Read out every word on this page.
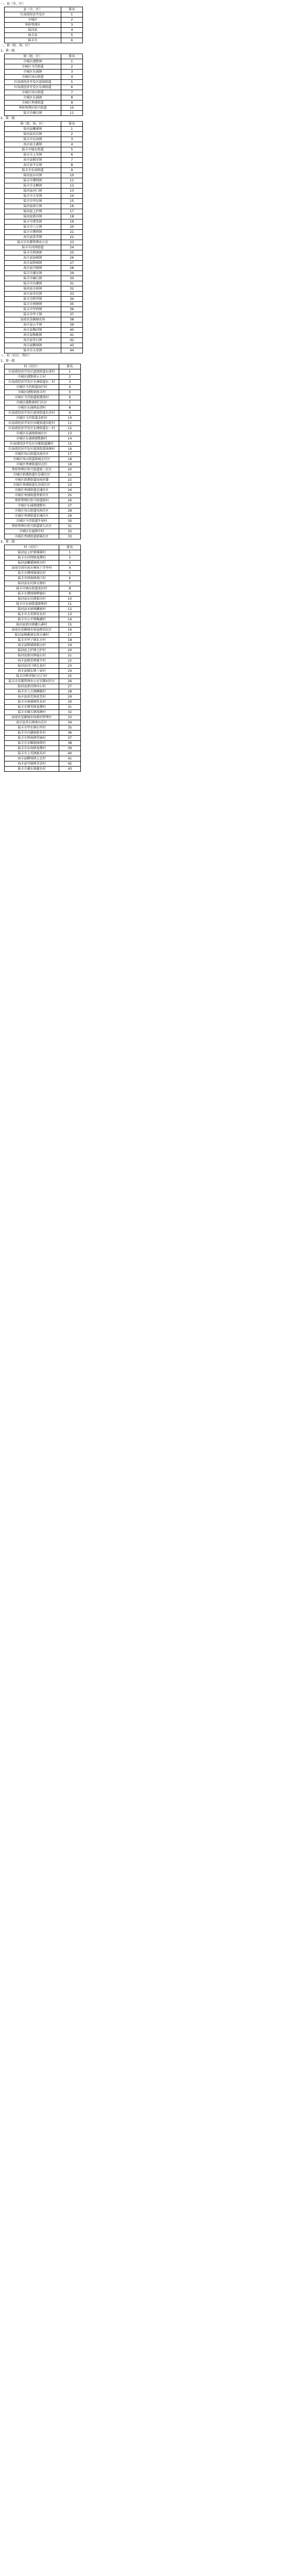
一、县（市、区）
县（市、区）	排名
红海湾经济开发区	1
市城区	2
华侨管理区	3
陆河县	4
海丰县	5
陆丰市	6
二、镇（街、场、区）
1、第一组
镇（街、区）	排名
市城区捷胜镇	1
市城区马宫街道	2
市城区东涌镇	3
市城区凤山街道	4
红海湾经济开发区遮浪街道	5
红海湾经济开发区东洲街道	6
市城区凤山街道	7
市城区东涌镇	8
市城区香洲街道	9
华侨管理区侨兴街道	10
陆丰市碣石镇	11
2、第二组
镇（街、场、区）	排名
陆河县螺溪镇	1
陆河县东坑镇	2
陆丰市东海镇	3
海丰县大湖镇	4
陆丰市城东街道	5
陆丰市上英镇	6
海丰县联安镇	7
海丰县平东镇	8
陆丰市东海街道	9
陆河县东坑镇	10
陆丰市潭西镇	11
陆丰市金厢镇	12
陆河县河口镇	13
陆丰市大安镇	14
陆丰市甲东镇	15
陆河县南万镇	16
陆河县上护镇	17
陆河县新田镇	18
陆丰市博美镇	19
陆丰市八万镇	20
陆丰市潭西镇	21
海丰县黄羌镇	22
陆丰市星都管理办公室	23
陆丰市河西街道	24
陆丰市西南镇	25
海丰县海城镇	26
海丰县附城镇	27
海丰县可塘镇	28
陆丰市湖东镇	29
陆丰市碣石镇	30
陆丰市内湖镇	31
陆河县水唇镇	32
海丰县赤坑镇	33
陆丰市桥冲镇	34
陆丰市南塘镇	35
陆丰市甲西镇	36
陆丰市甲子镇	37
汕尾农垦碳塘农场	38
海丰县公平镇	39
海丰县陶河镇	40
海丰县梅陇镇	41
海丰县赤石镇	42
海丰县鹅埠镇	43
陆丰市大安镇	44
三、村（社区、管区）
1、第一组
村（社区）	排名
红海湾经济开发区遮浪街道东尾村	1
市城区捷胜镇五七村	2
红海湾经济开发区东洲街道东二村	3
市城区马宫街道汕仔村	4
市城区捷胜镇南丰村	5
市城区马宫街道新港湾村	6
市城区捷胜镇西门社区	7
市城区东涌镇品清村	8
红海湾经济开发区遮浪街道长沙村	9
市城区马宫街道金町村	10
红海湾经济开发区田墘街道田乾村	11
红海湾经济开发区东洲街道东一村	12
市城区东涌镇新园社区	13
市城区东涌镇捷胜路村	14
红海湾经济开发区田墘街道湖村	15
红海湾经济开发区遮浪街道南澳村	16
市城区凤山街道凤苑社区	17
市城区凤山街道新城北社区	18
市城区香洲街道居北村	19
华侨管理区侨兴街道第三社区	20
市城区新港街道红草溪社区	21
市城区新港街道汕尾居委	22
市城区香洲街道长沙湾社区	23
市城区香洲街道北埔社区	24
市城区香洲街道香新社区	25
华侨管理区侨兴街道新村	26
市城区东涌镇捷胜村	27
市城区凤山街道凤南社区	28
市城区香洲街道东埔社区	29
市城区马宫街道牛尾村	30
华侨管理区侨兴街道第九社区	31
市城区东涌镇中村	32
市城区香洲街道新城社区	33
2、第二组
村（社区）	排名
陆河县上护镇簿溪村	1
陆丰市河西镇龙潭村	2
陆河县螺溪镇欧田村	3
汕尾市国有海丰林场十字亭村	4
陆丰市潭西镇深坑村	5
陆丰市西南镇南口村	6
陆河县东坑镇大塘村	7
陆丰市城东街道龙坑村	8
陆丰市潭西镇辉塘村	9
陆河县东坑镇新田村	10
陆丰市东海街道新和村	11
陆河县水唇镇螺洞村	12
陆丰市大安镇安东村	13
陆丰市公平镇陶湖村	14
陆河县新田镇激石溪村	15
汕尾农垦碳塘农场益群居民区	16
陆河县梅陇镇东西大埔村	17
陆丰市甲子镇东方村	18
海丰县附城镇新山村	19
陆河县上护镇上护村	20
陆河县新田镇福石村	21
海丰县联安镇建平村	22
陆河县河口镇北龙村	23
海丰县城东镇三家村	24
陆丰市桥冲镇白石门村	25
陆丰市星都管理办公室星都村社区	26
陆河县新田镇田心村	27
陆丰市八万镇横陂村	28
海丰县黄羌镇黄羌村	29
陆丰市南塘镇坎头村	30
陆丰市博美镇龙潭村	31
陆丰市碣石镇浅澳村	32
汕尾农垦碳塘农场新村管理区	33
海丰县赤石镇南山社区	34
陆丰市甲东镇石甲村	35
陆丰市内湖镇新乡村	36
陆丰市西南镇竹园村	37
陆丰市金厢镇洲渚村	38
陆丰市东海镇龙潭村	39
陆丰市上英镇渡头村	40
海丰县鹅埠镇上北村	41
海丰县可塘镇青草村	42
陆丰市湖东镇湖东村	43
